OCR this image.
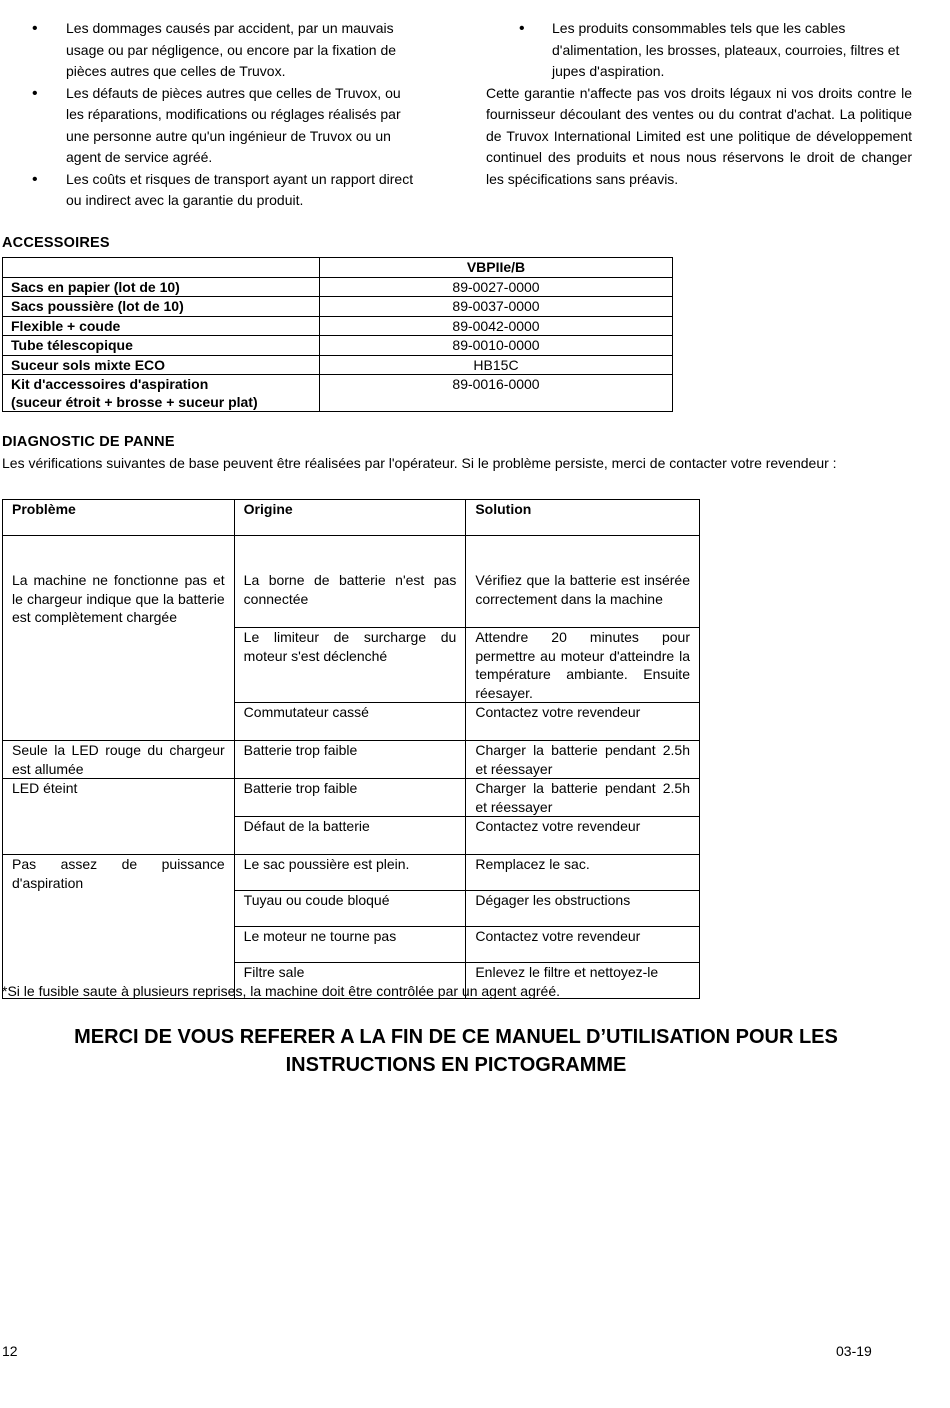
• Les dommages causés par accident, par un mauvais usage ou par négligence, ou encore par la fixation de pièces autres que celles de Truvox.
• Les défauts de pièces autres que celles de Truvox, ou les réparations, modifications ou réglages réalisés par une personne autre qu'un ingénieur de Truvox ou un agent de service agréé.
• Les coûts et risques de transport ayant un rapport direct ou indirect avec la garantie du produit.
• Les produits consommables tels que les cables d'alimentation, les brosses, plateaux, courroies, filtres et jupes d'aspiration.

Cette garantie n'affecte pas vos droits légaux ni vos droits contre le fournisseur découlant des ventes ou du contrat d'achat. La politique de Truvox International Limited est une politique de développement continuel des produits et nous nous réservons le droit de changer les spécifications sans préavis.

ACCESSOIRES
	VBPIIe/B
Sacs en papier (lot de 10)	89-0027-0000
Sacs poussière (lot de 10)	89-0037-0000
Flexible + coude	89-0042-0000
Tube télescopique	89-0010-0000
Suceur sols mixte ECO	HB15C

Kit d'accessoires d'aspiration
(suceur étroit + brosse + suceur plat)	89-0016-0000
DIAGNOSTIC DE PANNE
Les vérifications suivantes de base peuvent être réalisées par l'opérateur. Si le problème persiste, merci de contacter votre revendeur :
Problème	Origine	Solution
La machine ne fonctionne pas et le chargeur indique que la batterie est complètement chargée	La borne de batterie n'est pas connectée	Vérifiez que la batterie est insérée correctement dans la machine
	Le limiteur de surcharge du moteur s'est déclenché	Attendre 20 minutes pour permettre au moteur d'atteindre la température ambiante. Ensuite réesayer.
	Commutateur cassé	Contactez votre revendeur
Seule la LED rouge du chargeur est allumée	Batterie trop faible	Charger la batterie pendant 2.5h et réessayer
LED éteint	Batterie trop faible	Charger la batterie pendant 2.5h et réessayer
	Défaut de la batterie	Contactez votre revendeur
Pas assez de puissance d'aspiration	Le sac poussière est plein.	Remplacez le sac.
	Tuyau ou coude bloqué	Dégager les obstructions
	Le moteur ne tourne pas	Contactez votre revendeur
	Filtre sale	Enlevez le filtre et nettoyez-le
*Si le fusible saute à plusieurs reprises, la machine doit être contrôlée par un agent agréé.
MERCI DE VOUS REFERER A LA FIN DE CE MANUEL D’UTILISATION POUR LES
INSTRUCTIONS EN PICTOGRAMME
12	03-19
